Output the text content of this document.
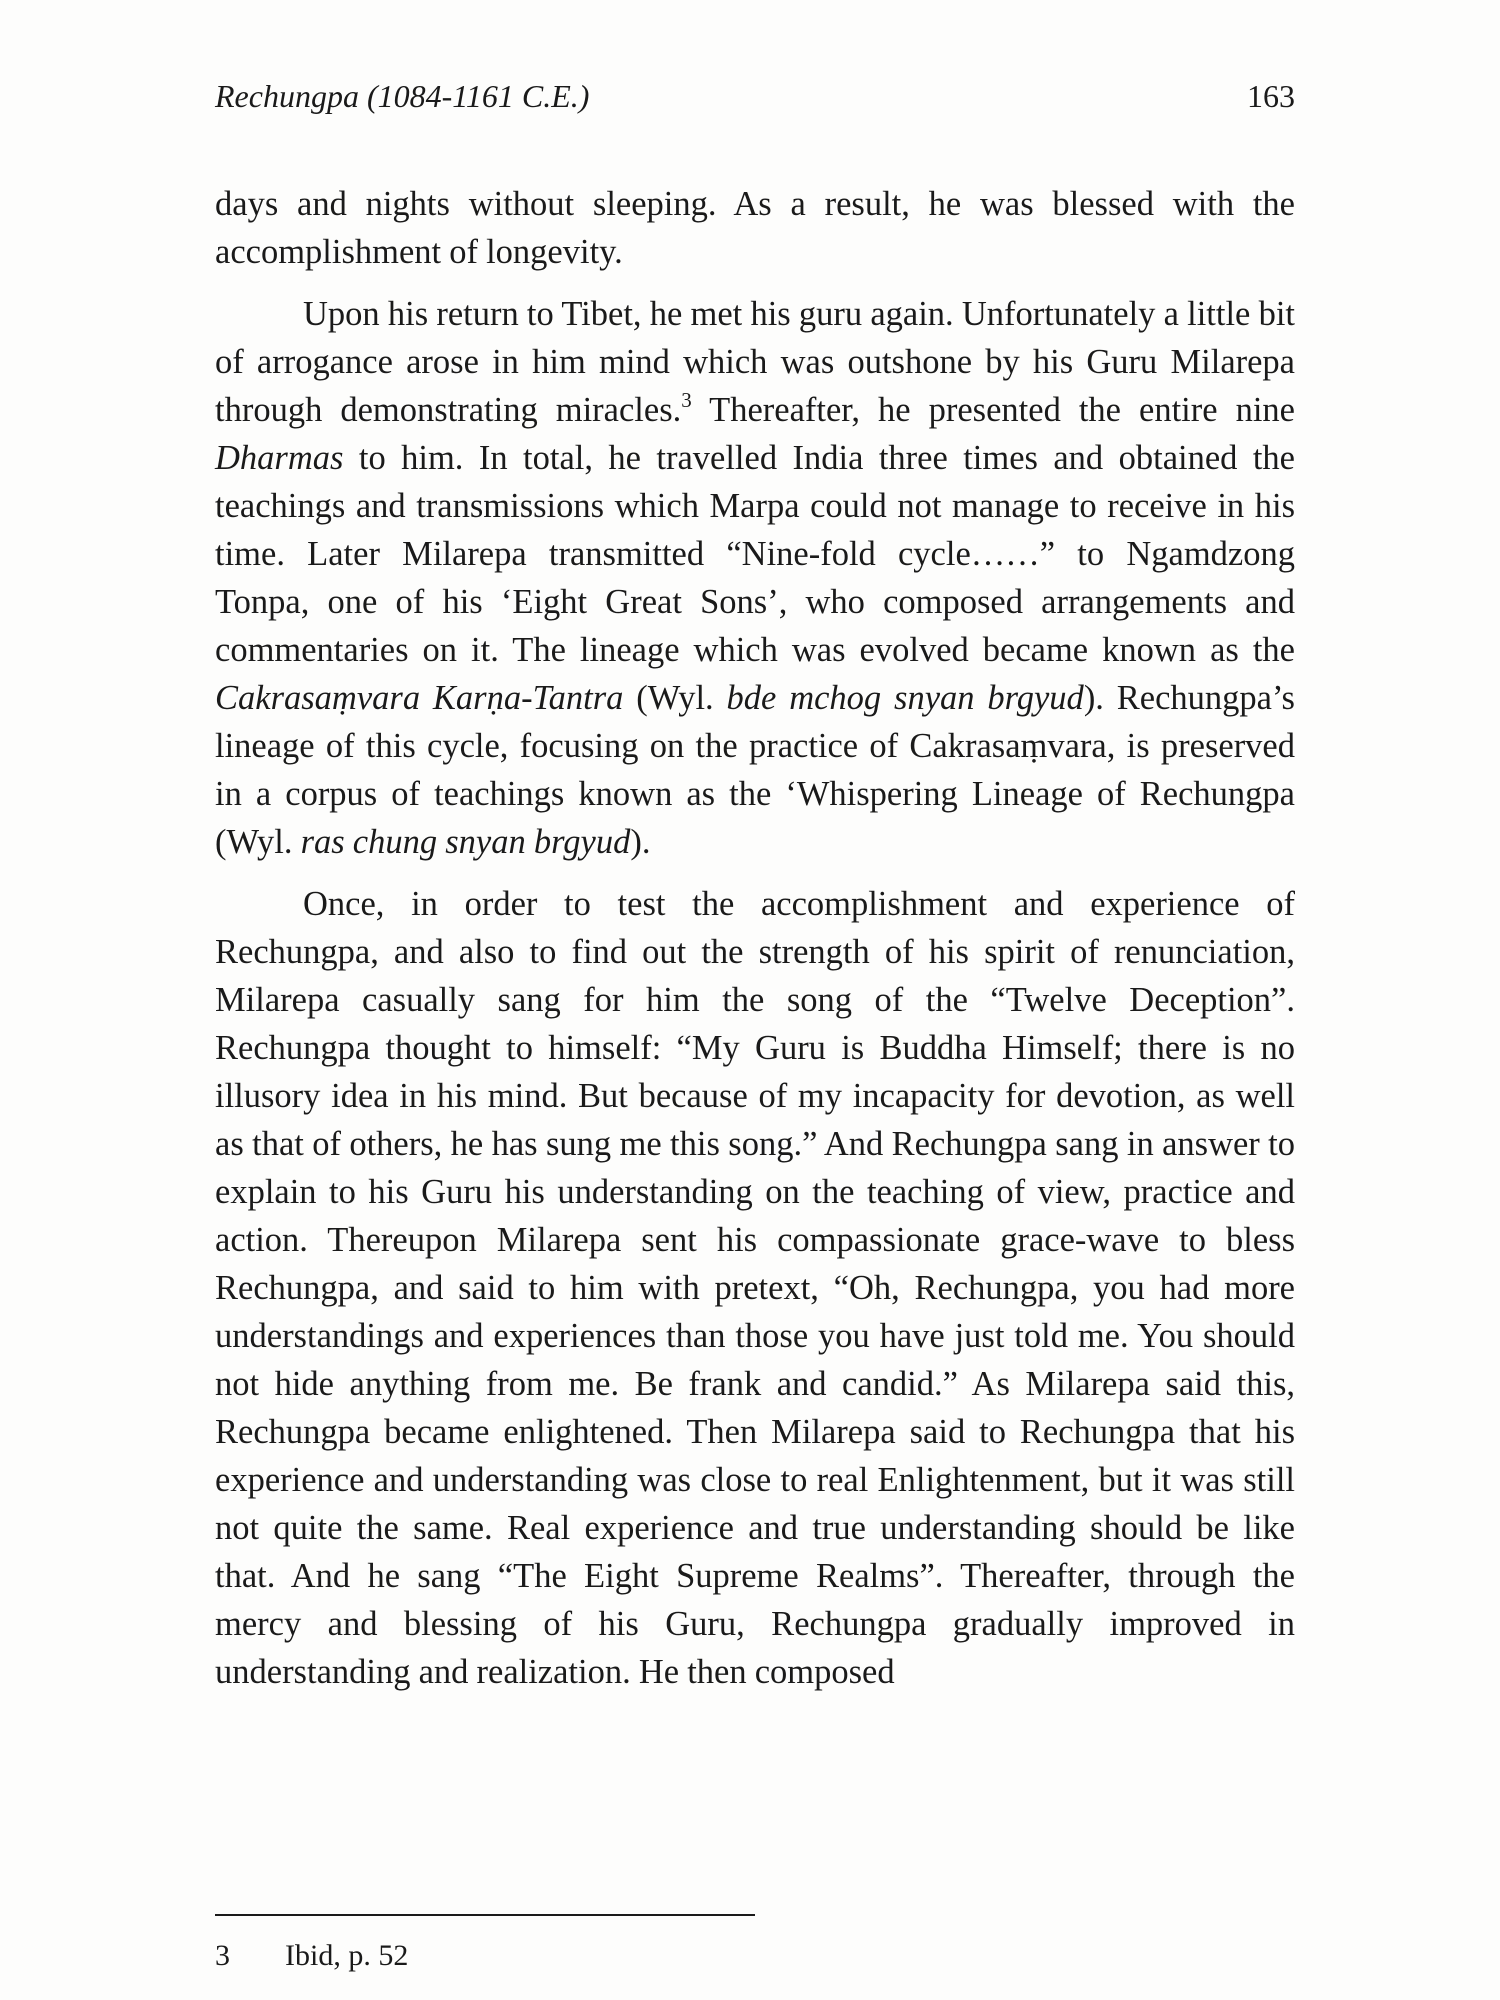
Rechungpa (1084-1161 C.E.)	163

days and nights without sleeping. As a result, he was blessed with the accomplishment of longevity.

Upon his return to Tibet, he met his guru again. Unfortunately a little bit of arrogance arose in him mind which was outshone by his Guru Milarepa through demonstrating miracles.$^3$ Thereafter, he presented the entire nine Dharmas to him. In total, he travelled India three times and obtained the teachings and transmissions which Marpa could not manage to receive in his time. Later Milarepa transmitted “Nine-fold cycle……” to Ngamdzong Tonpa, one of his ‘Eight Great Sons’, who composed arrangements and commentaries on it. The lineage which was evolved became known as the Cakrasaṃvara Karṇa-Tantra (Wyl. bde mchog snyan brgyud). Rechungpa’s lineage of this cycle, focusing on the practice of Cakrasaṃvara, is preserved in a corpus of teachings known as the ‘Whispering Lineage of Rechungpa (Wyl. ras chung snyan brgyud).

Once, in order to test the accomplishment and experience of Rechungpa, and also to find out the strength of his spirit of renunciation, Milarepa casually sang for him the song of the “Twelve Deception”. Rechungpa thought to himself: “My Guru is Buddha Himself; there is no illusory idea in his mind. But because of my incapacity for devotion, as well as that of others, he has sung me this song.” And Rechungpa sang in answer to explain to his Guru his understanding on the teaching of view, practice and action. Thereupon Milarepa sent his compassionate grace-wave to bless Rechungpa, and said to him with pretext, “Oh, Rechungpa, you had more understandings and experiences than those you have just told me. You should not hide anything from me. Be frank and candid.” As Milarepa said this, Rechungpa became enlightened. Then Milarepa said to Rechungpa that his experience and understanding was close to real Enlightenment, but it was still not quite the same. Real experience and true understanding should be like that. And he sang “The Eight Supreme Realms”. Thereafter, through the mercy and blessing of his Guru, Rechungpa gradually improved in understanding and realization. He then composed

3 Ibid, p. 52
